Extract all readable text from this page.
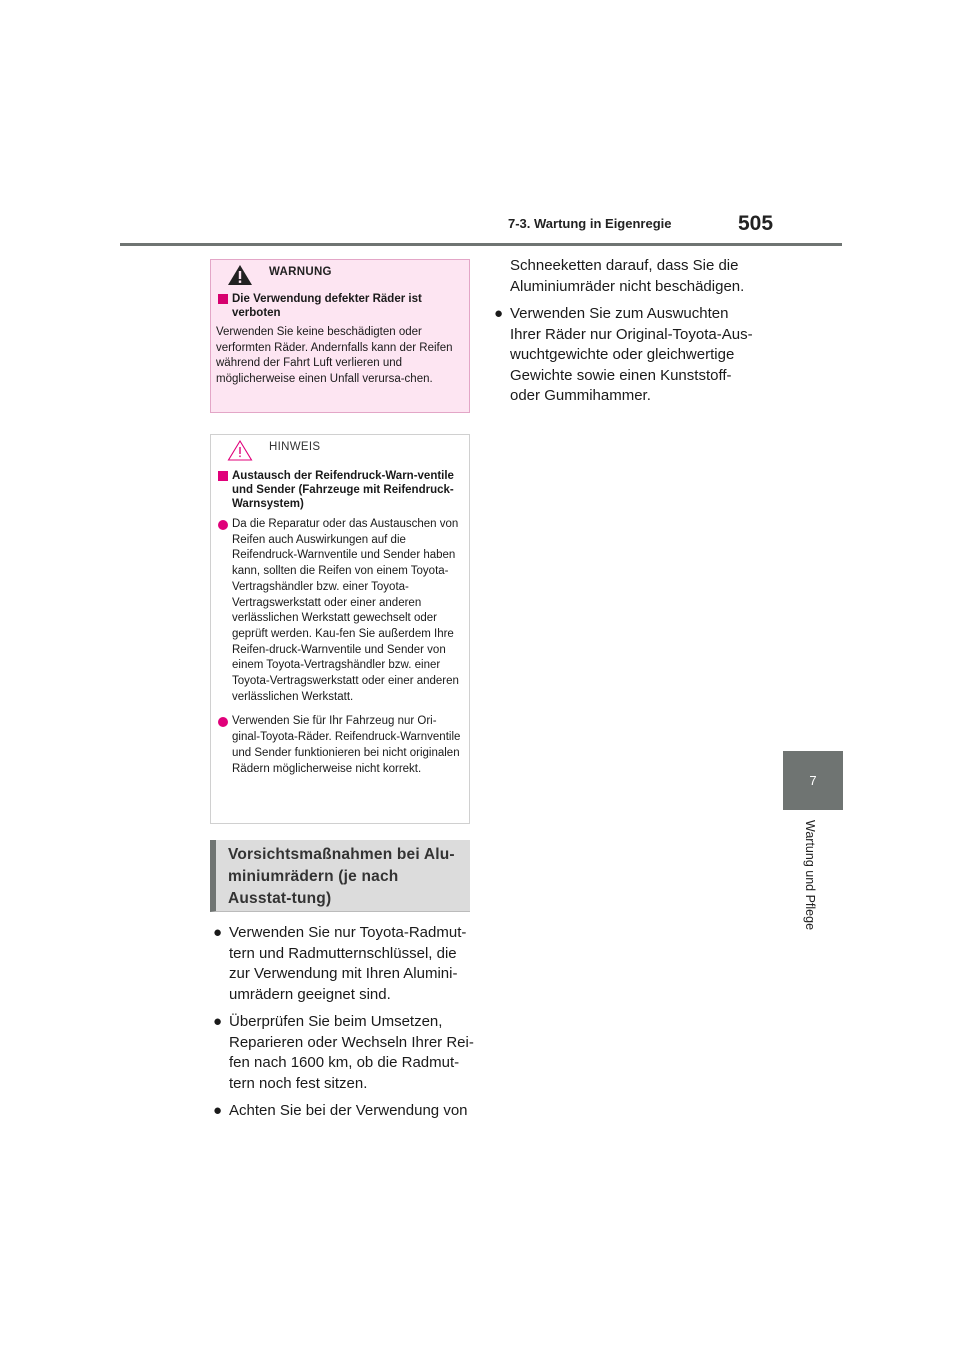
7-3. Wartung in Eigenregie	505
7
Wartung und Pflege
WARNUNG
Die Verwendung defekter Räder ist verboten
Verwenden Sie keine beschädigten oder verformten Räder. Andernfalls kann der Reifen während der Fahrt Luft verlieren und möglicherweise einen Unfall verursa-chen.
HINWEIS
Austausch der Reifendruck-Warn-ventile und Sender (Fahrzeuge mit Reifendruck-Warnsystem)
Da die Reparatur oder das Austauschen von Reifen auch Auswirkungen auf die Reifendruck-Warnventile und Sender haben kann, sollten die Reifen von einem Toyota-Vertragshändler bzw. einer Toyota-Vertragswerkstatt oder einer anderen verlässlichen Werkstatt gewechselt oder geprüft werden. Kau-fen Sie außerdem Ihre Reifen-druck-Warnventile und Sender von einem Toyota-Vertragshändler bzw. einer Toyota-Vertragswerkstatt oder einer anderen verlässlichen Werkstatt.
Verwenden Sie für Ihr Fahrzeug nur Ori-ginal-Toyota-Räder. Reifendruck-Warnventile und Sender funktionieren bei nicht originalen Rädern möglicherweise nicht korrekt.
Vorsichtsmaßnahmen bei Alu-miniumrädern (je nach Ausstat-tung)
● Verwenden Sie nur Toyota-Radmut-tern und Radmutternschlüssel, die zur Verwendung mit Ihren Alumini-umrädern geeignet sind.
● Überprüfen Sie beim Umsetzen, Reparieren oder Wechseln Ihrer Rei-fen nach 1600 km, ob die Radmut-tern noch fest sitzen.
● Achten Sie bei der Verwendung von
Schneeketten darauf, dass Sie die Aluminiumräder nicht beschädigen.
● Verwenden Sie zum Auswuchten Ihrer Räder nur Original-Toyota-Aus-wuchtgewichte oder gleichwertige Gewichte sowie einen Kunststoff- oder Gummihammer.
